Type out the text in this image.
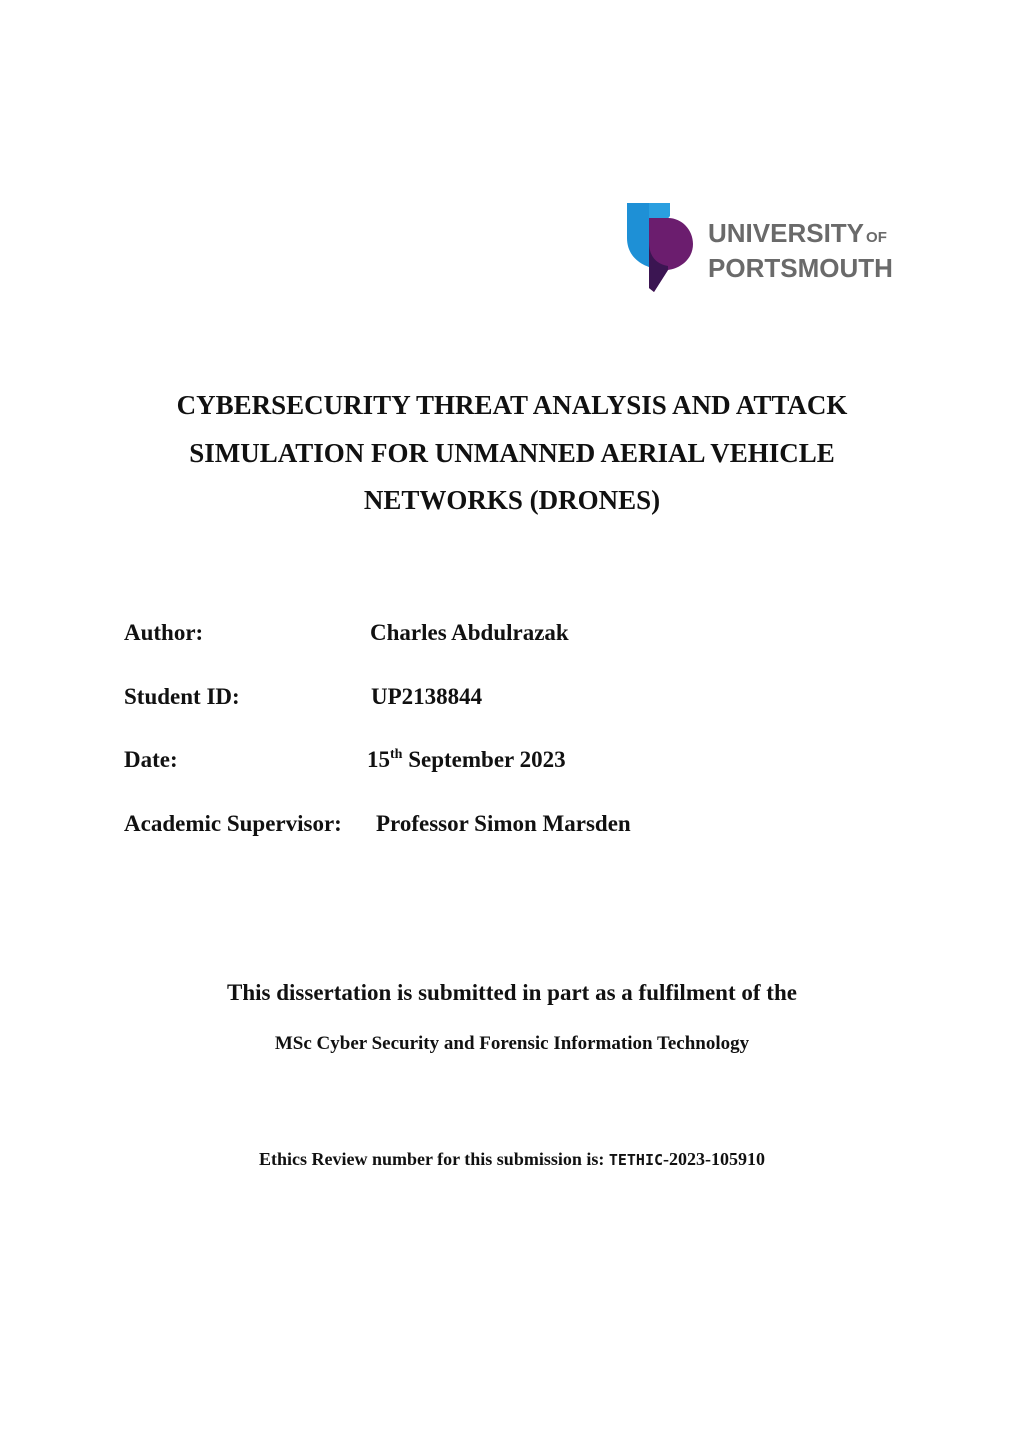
UNIVERSITY OF
PORTSMOUTH
CYBERSECURITY THREAT ANALYSIS AND ATTACK
SIMULATION FOR UNMANNED AERIAL VEHICLE
NETWORKS (DRONES)
Author:	Charles Abdulrazak
Student ID:	UP2138844
Date:	15th September 2023
Academic Supervisor: Professor Simon Marsden

This dissertation is submitted in part as a fulfilment of the

MSc Cyber Security and Forensic Information Technology

Ethics Review number for this submission is: TETHIC-2023-105910
